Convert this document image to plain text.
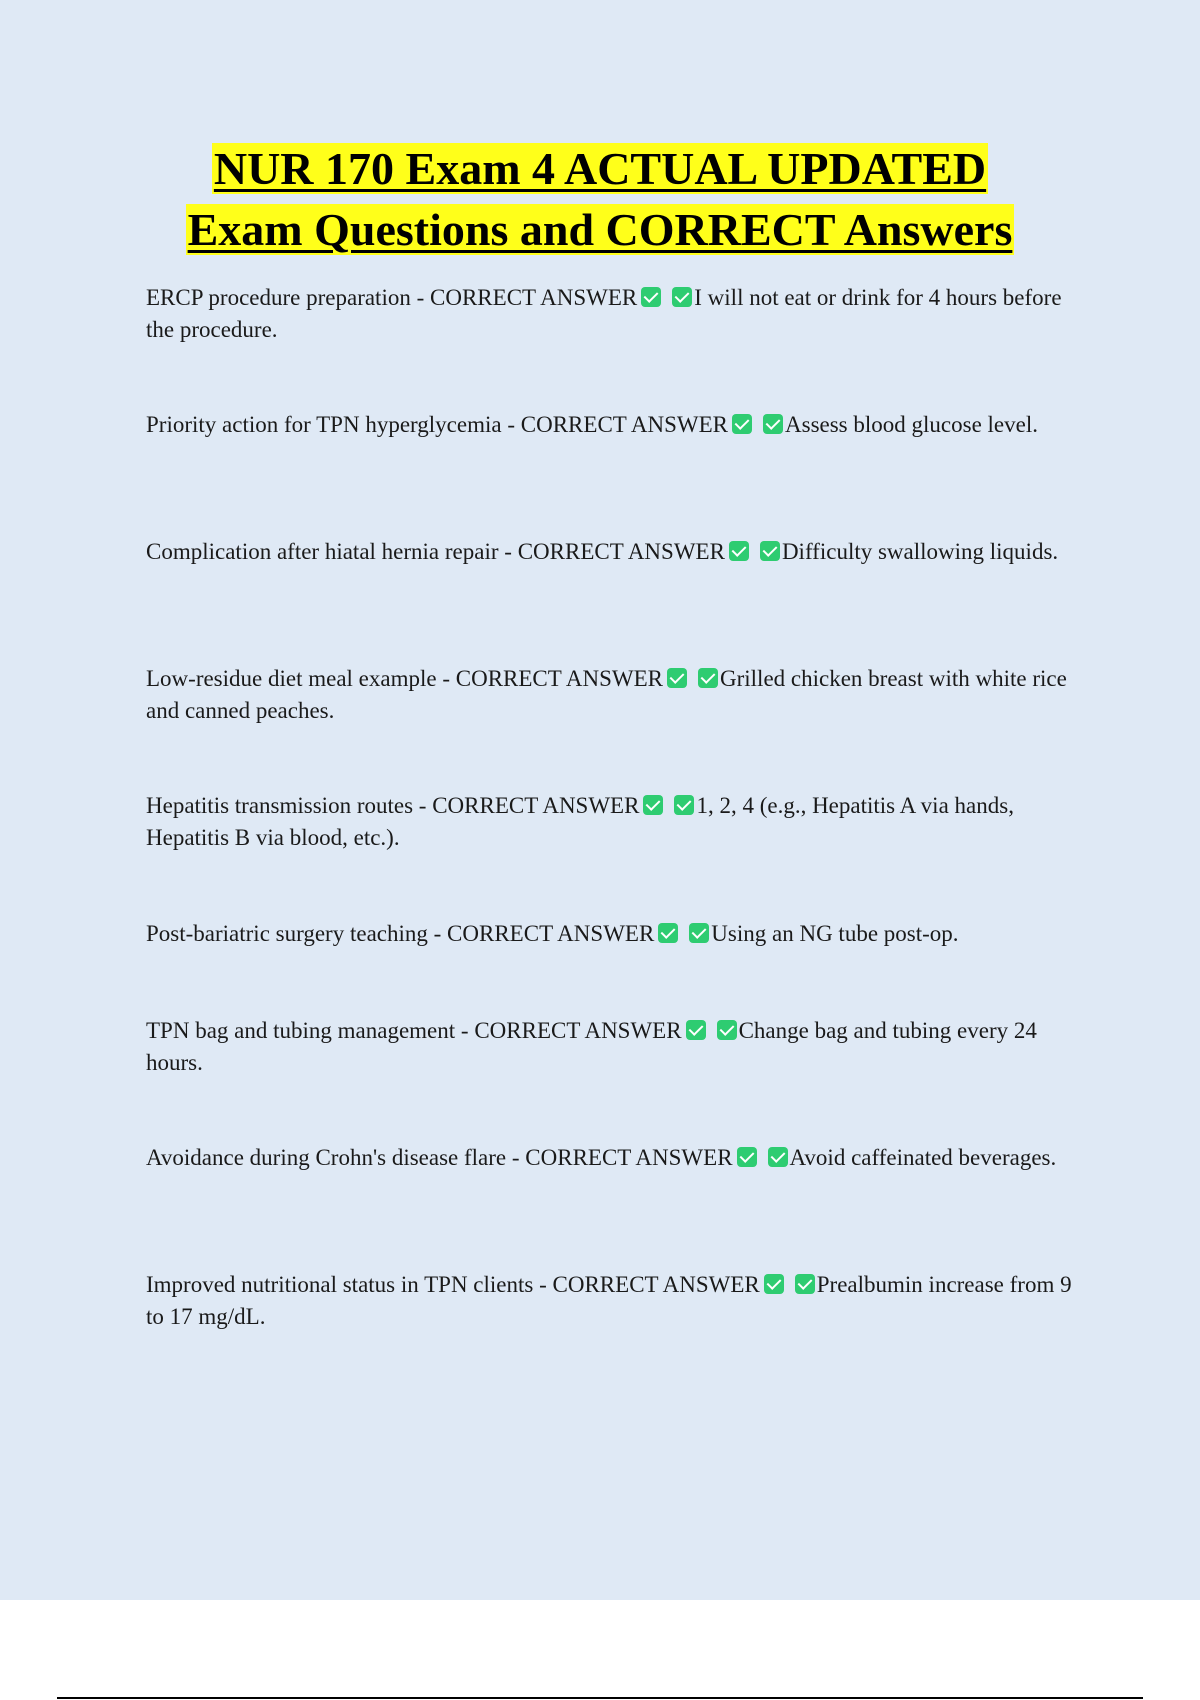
NUR 170 Exam 4 ACTUAL UPDATED
Exam Questions and CORRECT Answers
ERCP procedure preparation - CORRECT ANSWER I will not eat or drink for 4 hours before the procedure.
Priority action for TPN hyperglycemia - CORRECT ANSWER Assess blood glucose level.
Complication after hiatal hernia repair - CORRECT ANSWER Difficulty swallowing liquids.
Low-residue diet meal example - CORRECT ANSWER Grilled chicken breast with white rice and canned peaches.
Hepatitis transmission routes - CORRECT ANSWER 1, 2, 4 (e.g., Hepatitis A via hands, Hepatitis B via blood, etc.).
Post-bariatric surgery teaching - CORRECT ANSWER Using an NG tube post-op.
TPN bag and tubing management - CORRECT ANSWER Change bag and tubing every 24 hours.
Avoidance during Crohn's disease flare - CORRECT ANSWER Avoid caffeinated beverages.
Improved nutritional status in TPN clients - CORRECT ANSWER Prealbumin increase from 9 to 17 mg/dL.
